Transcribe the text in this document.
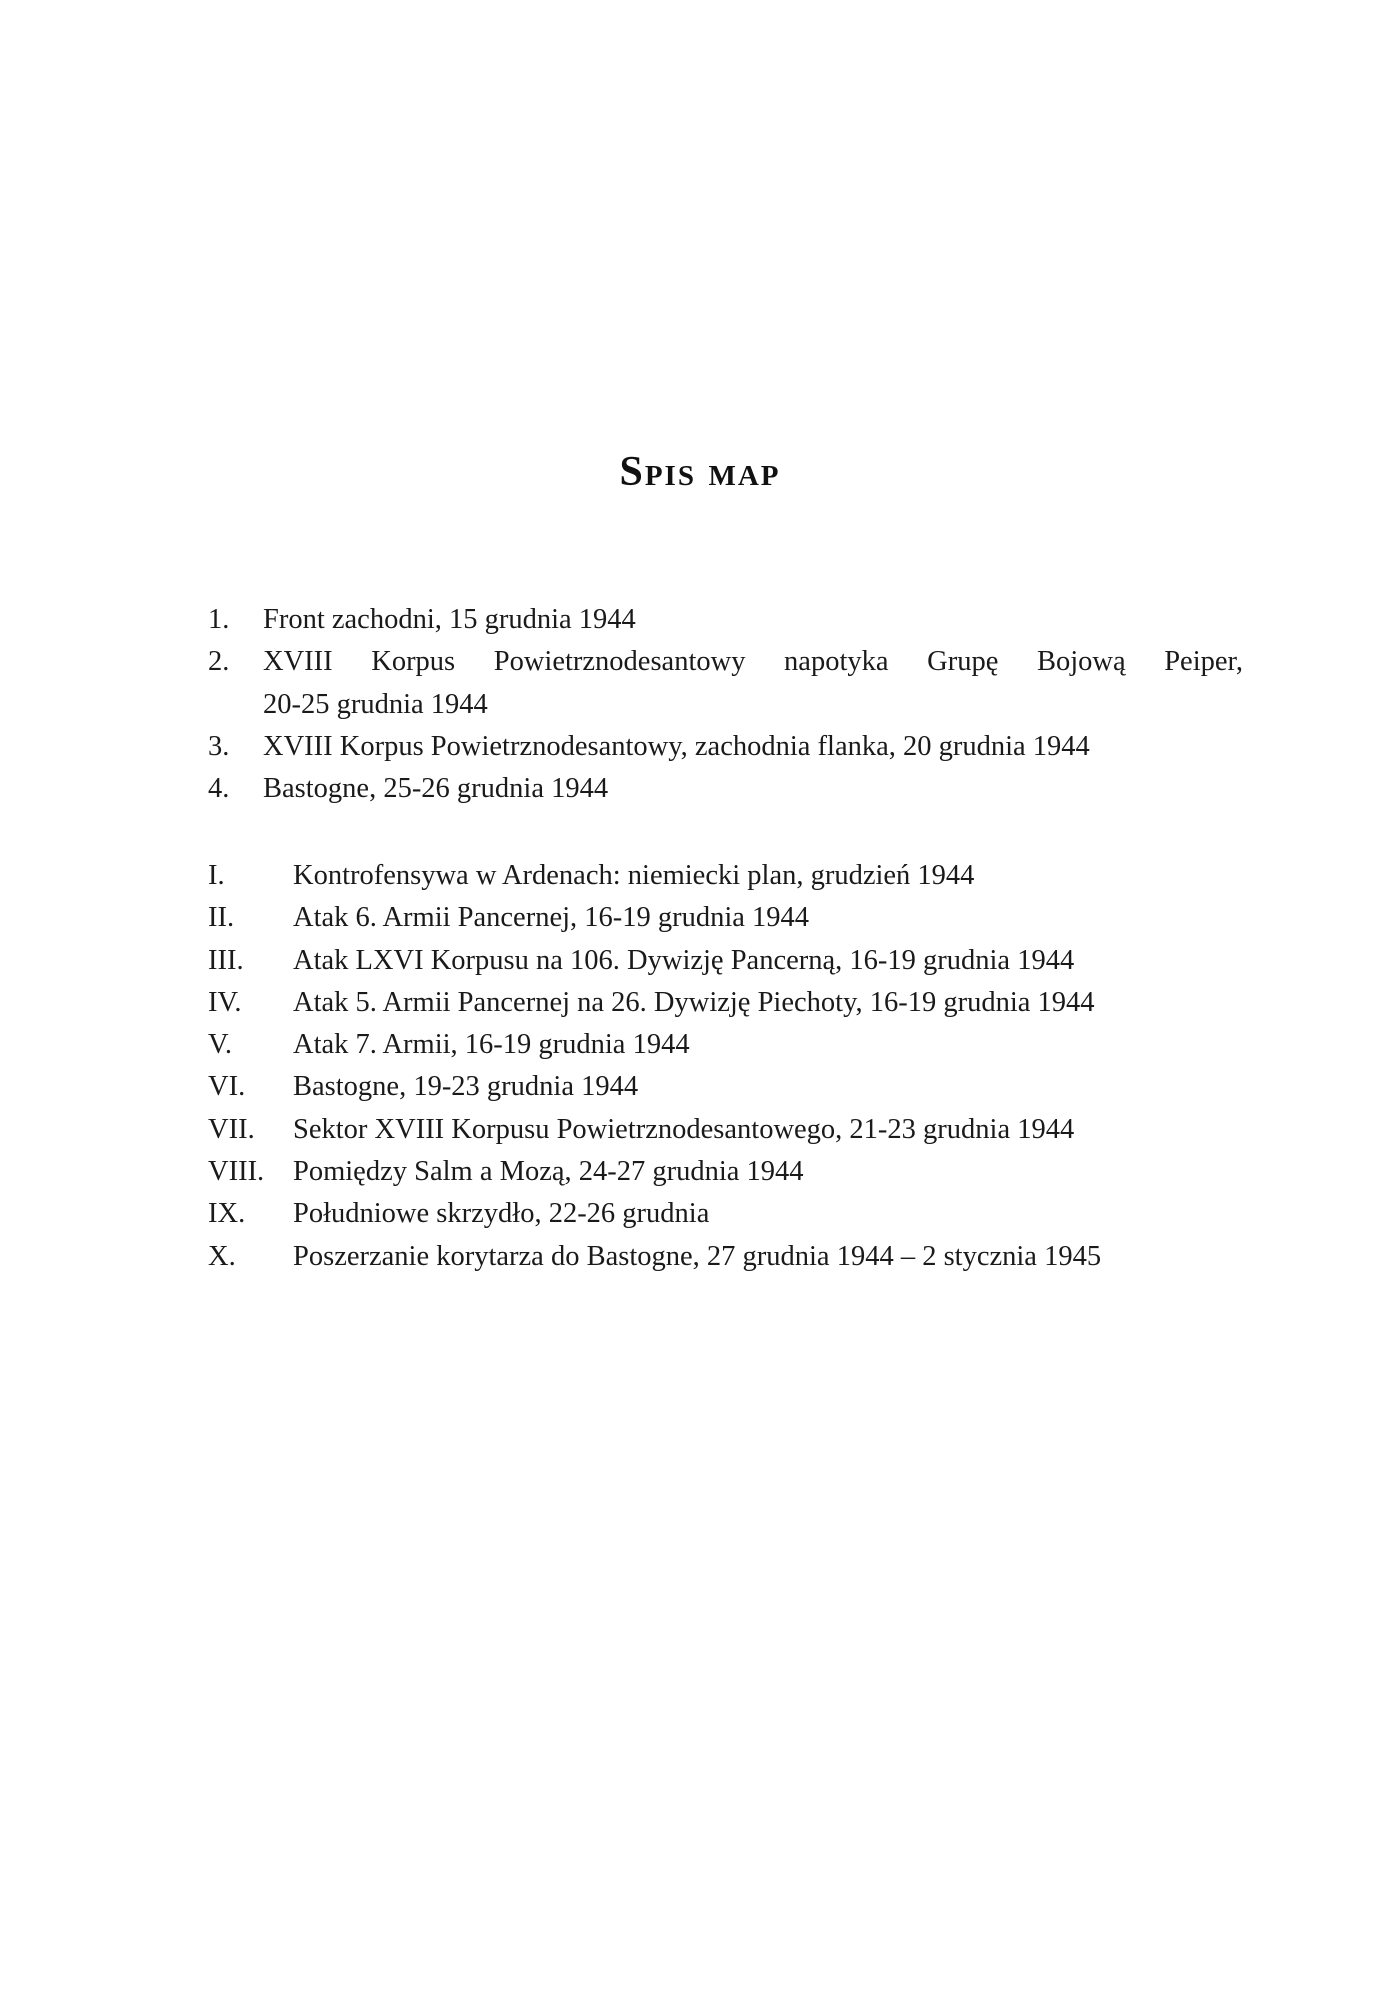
Spis map
1.	Front zachodni, 15 grudnia 1944
2.	XVIII Korpus Powietrznodesantowy napotyka Grupę Bojową Peiper,
20-25 grudnia 1944
3.	XVIII Korpus Powietrznodesantowy, zachodnia flanka, 20 grudnia 1944
4.	Bastogne, 25-26 grudnia 1944
I.	Kontrofensywa w Ardenach: niemiecki plan, grudzień 1944
II.	Atak 6. Armii Pancernej, 16-19 grudnia 1944
III.	Atak LXVI Korpusu na 106. Dywizję Pancerną, 16-19 grudnia 1944
IV.	Atak 5. Armii Pancernej na 26. Dywizję Piechoty, 16-19 grudnia 1944
V.	Atak 7. Armii, 16-19 grudnia 1944
VI.	Bastogne, 19-23 grudnia 1944
VII.	Sektor XVIII Korpusu Powietrznodesantowego, 21-23 grudnia 1944
VIII.	Pomiędzy Salm a Mozą, 24-27 grudnia 1944
IX.	Południowe skrzydło, 22-26 grudnia
X.	Poszerzanie korytarza do Bastogne, 27 grudnia 1944 – 2 stycznia 1945
